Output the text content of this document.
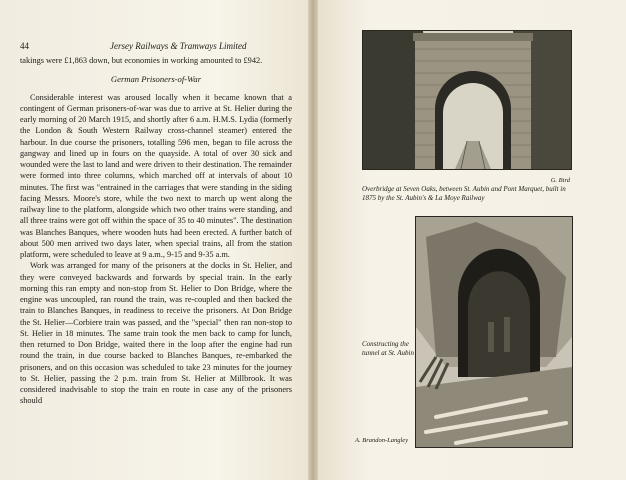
44	Jersey Railways & Tramways Limited

takings were £1,863 down, but economies in working amounted to £942.

German Prisoners-of-War

Considerable interest was aroused locally when it became known that a contingent of German prisoners-of-war was due to arrive at St. Helier during the early morning of 20 March 1915, and shortly after 6 a.m. H.M.S. Lydia (formerly the London & South Western Railway cross-channel steamer) entered the harbour. In due course the prisoners, totalling 596 men, began to file across the gangway and lined up in fours on the quayside. A total of over 30 sick and wounded were the last to land and were driven to their destination. The remainder were formed into three columns, which marched off at intervals of about 10 minutes. The first was "entrained in the carriages that were standing in the siding facing Messrs. Moore's store, while the two next to march up went along the railway line to the platform, alongside which two other trains were standing, and all three trains were got off within the space of 35 to 40 minutes". The destination was Blanches Banques, where wooden huts had been erected. A further batch of about 500 men arrived two days later, when special trains, all from the station platform, were scheduled to leave at 9 a.m., 9-15 and 9-35 a.m.

Work was arranged for many of the prisoners at the docks in St. Helier, and they were conveyed backwards and forwards by special train. In the early morning this ran empty and non-stop from St. Helier to Don Bridge, where the engine was uncoupled, ran round the train, was re-coupled and then backed the train to Blanches Banques, in readiness to receive the prisoners. At Don Bridge the St. Helier—Corbiere train was passed, and the "special" then ran non-stop to St. Helier in 18 minutes. The same train took the men back to camp for lunch, then returned to Don Bridge, waited there in the loop after the engine had run round the train, in due course backed to Blanches Banques, re-embarked the prisoners, and on this occasion was scheduled to take 23 minutes for the journey to St. Helier, passing the 2 p.m. train from St. Helier at Millbrook. It was considered inadvisable to stop the train en route in case any of the prisoners should

G. Bird
Overbridge at Seven Oaks, between St. Aubin and Pont Marquet, built in 1875 by the St. Aubin's & La Moye Railway
Constructing the tunnel at St. Aubin
A. Brandon-Langley
